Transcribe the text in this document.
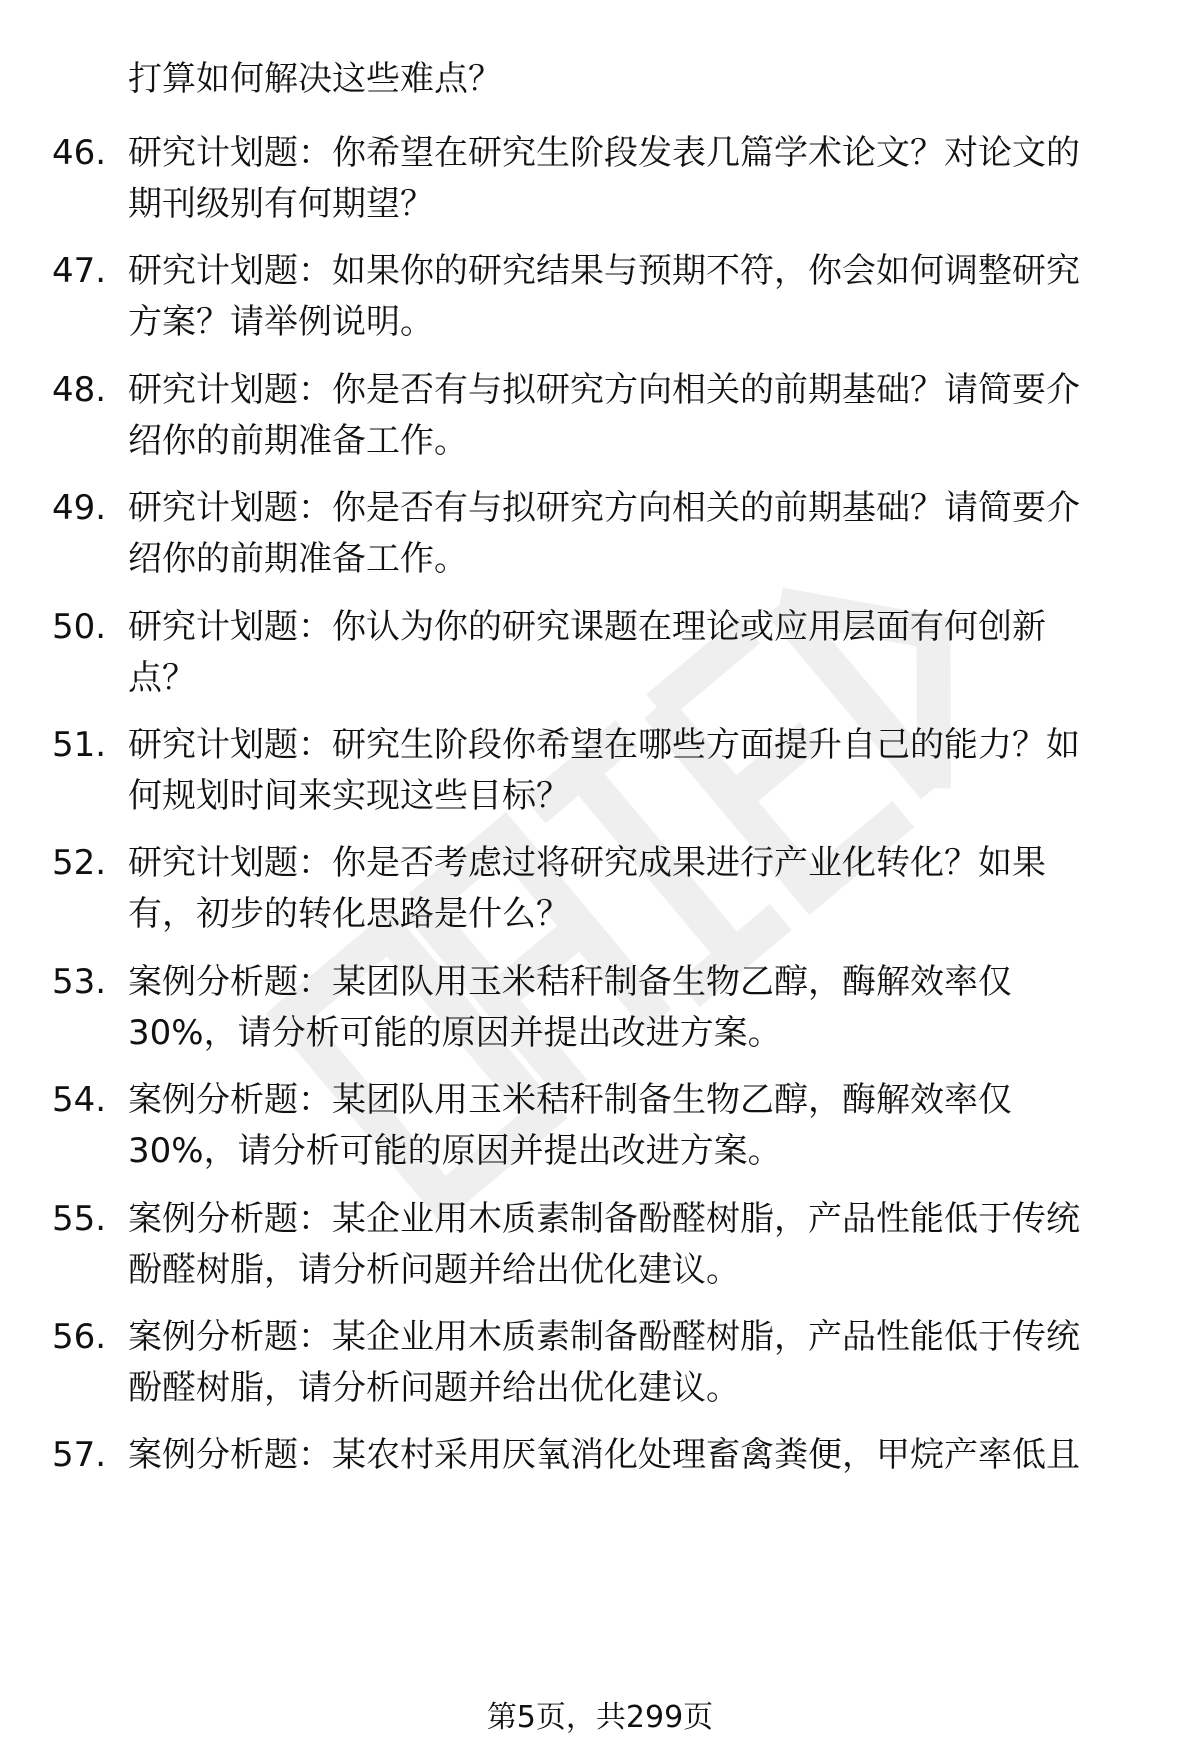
打算如何解决这些难点？
46. 研究计划题：你希望在研究生阶段发表几篇学术论文？对论文的
期刊级别有何期望？
47. 研究计划题：如果你的研究结果与预期不符，你会如何调整研究
方案？请举例说明。
48. 研究计划题：你是否有与拟研究方向相关的前期基础？请简要介
绍你的前期准备工作。
49. 研究计划题：你是否有与拟研究方向相关的前期基础？请简要介
绍你的前期准备工作。
50. 研究计划题：你认为你的研究课题在理论或应用层面有何创新
点？
51. 研究计划题：研究生阶段你希望在哪些方面提升自己的能力？如
何规划时间来实现这些目标？
52. 研究计划题：你是否考虑过将研究成果进行产业化转化？如果
有，初步的转化思路是什么？
53. 案例分析题：某团队用玉米秸秆制备生物乙醇，酶解效率仅
30%，请分析可能的原因并提出改进方案。
54. 案例分析题：某团队用玉米秸秆制备生物乙醇，酶解效率仅
30%，请分析可能的原因并提出改进方案。
55. 案例分析题：某企业用木质素制备酚醛树脂，产品性能低于传统
酚醛树脂，请分析问题并给出优化建议。
56. 案例分析题：某企业用木质素制备酚醛树脂，产品性能低于传统
酚醛树脂，请分析问题并给出优化建议。
57. 案例分析题：某农村采用厌氧消化处理畜禽粪便，甲烷产率低且
第5页，共299页
